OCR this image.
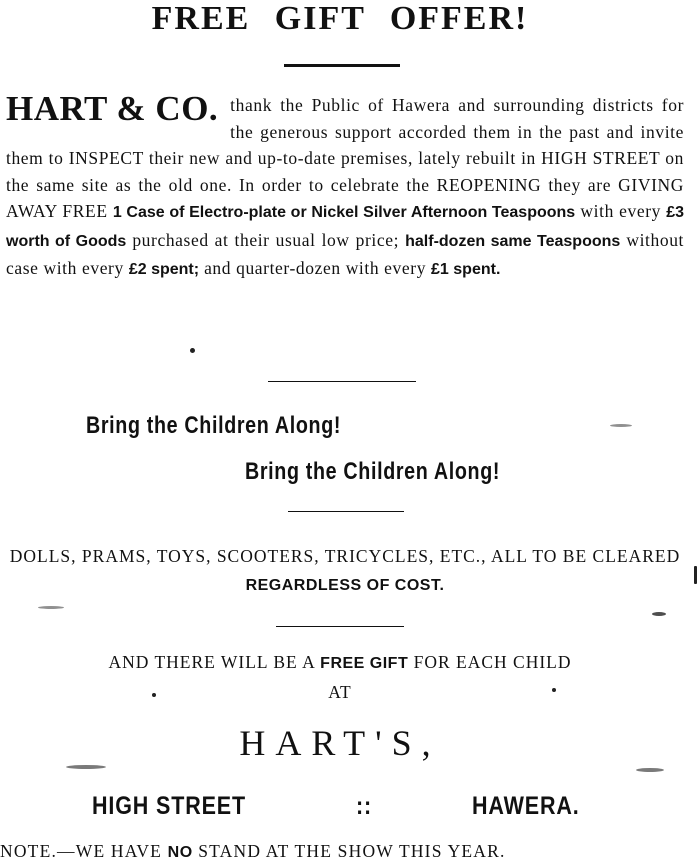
FREE GIFT OFFER!
HART & CO. thank the Public of Hawera and surrounding districts for the generous support accorded them in the past and invite them to INSPECT their new and up-to-date premises, lately rebuilt in HIGH STREET on the same site as the old one. In order to celebrate the REOPENING they are GIVING AWAY FREE 1 Case of Electro-plate or Nickel Silver Afternoon Teaspoons with every £3 worth of Goods purchased at their usual low price; half-dozen same Teaspoons without case with every £2 spent; and quarter-dozen with every £1 spent.
Bring the Children Along!
Bring the Children Along!
DOLLS, PRAMS, TOYS, SCOOTERS, TRICYCLES, ETC., ALL TO BE CLEARED REGARDLESS OF COST.
AND THERE WILL BE A FREE GIFT FOR EACH CHILD
AT
HART'S,
HIGH STREET	::	HAWERA.
NOTE.—WE HAVE NO STAND AT THE SHOW THIS YEAR.
